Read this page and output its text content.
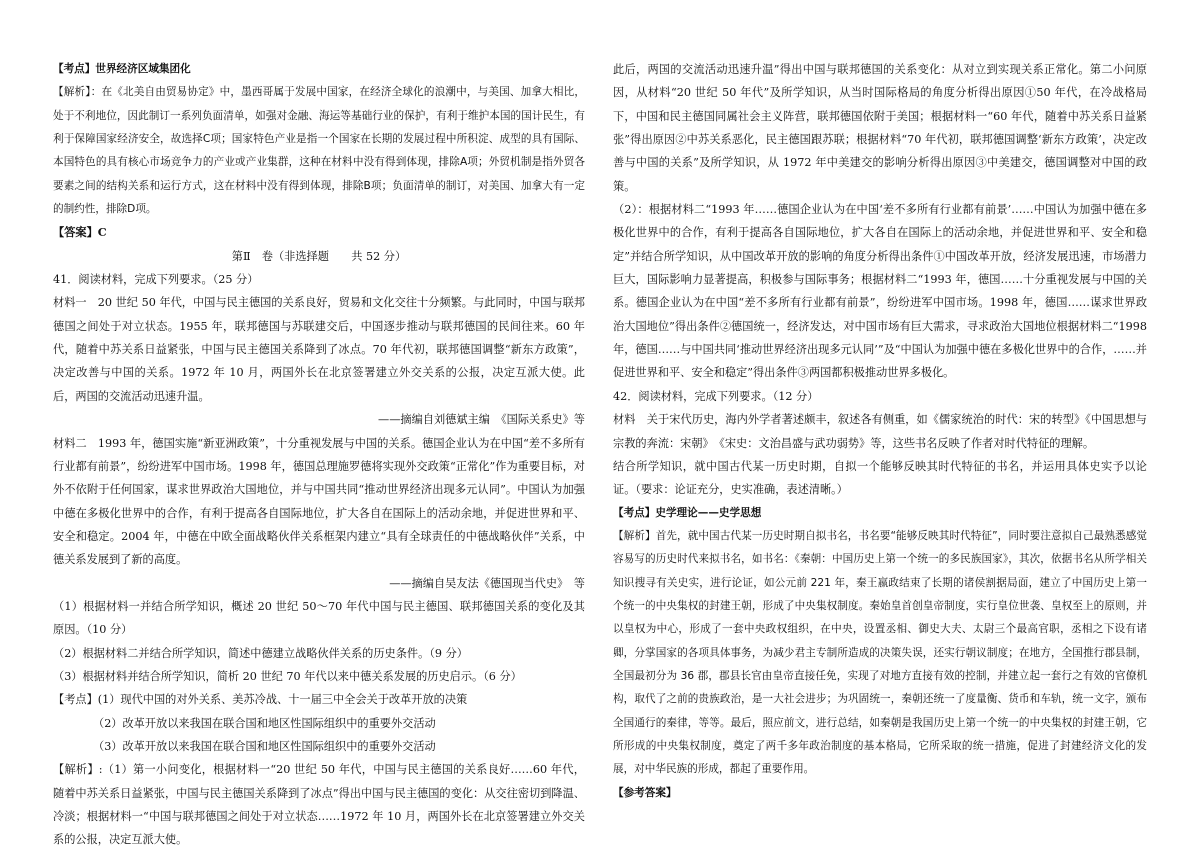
【考点】世界经济区域集团化

【解析】：在《北美自由贸易协定》中，墨西哥属于发展中国家，在经济全球化的浪潮中，与美国、加拿大相比，处于不利地位，因此制订一系列负面清单，如强对金融、海运等基础行业的保护，有利于维护本国的国计民生，有利于保障国家经济安全，故选择C项；国家特色产业是指一个国家在长期的发展过程中所积淀、成型的具有国际、本国特色的具有核心市场竞争力的产业或产业集群，这种在材料中没有得到体现，排除A项；外贸机制是指外贸各要素之间的结构关系和运行方式，这在材料中没有得到体现，排除B项；负面清单的制订，对美国、加拿大有一定的制约性，排除D项。

【答案】C

第Ⅱ　卷（非选择题　　共 52 分）

41．阅读材料，完成下列要求。（25 分）

材料一　20 世纪 50 年代，中国与民主德国的关系良好，贸易和文化交往十分频繁。与此同时，中国与联邦德国之间处于对立状态。1955 年，联邦德国与苏联建交后，中国逐步推动与联邦德国的民间往来。60 年代，随着中苏关系日益紧张，中国与民主德国关系降到了冰点。70 年代初，联邦德国调整“新东方政策”，决定改善与中国的关系。1972 年 10 月，两国外长在北京签署建立外交关系的公报，决定互派大使。此后，两国的交流活动迅速升温。

——摘编自刘德斌主编　《国际关系史》等

材料二　1993 年，德国实施“新亚洲政策”，十分重视发展与中国的关系。德国企业认为在中国“差不多所有行业都有前景”，纷纷进军中国市场。1998 年，德国总理施罗德将实现外交政策“正常化”作为重要目标，对外不依附于任何国家，谋求世界政治大国地位，并与中国共同“推动世界经济出现多元认同”。中国认为加强中德在多极化世界中的合作，有利于提高各自国际地位，扩大各自在国际上的活动余地，并促进世界和平、安全和稳定。2004 年，中德在中欧全面战略伙伴关系框架内建立“具有全球责任的中德战略伙伴”关系，中德关系发展到了新的高度。

——摘编自吴友法《德国现当代史》　等

（1）根据材料一并结合所学知识，概述 20 世纪 50～70 年代中国与民主德国、联邦德国关系的变化及其原因。（10 分）

（2）根据材料二并结合所学知识，简述中德建立战略伙伴关系的历史条件。（9 分）

（3）根据材料并结合所学知识，简析 20 世纪 70 年代以来中德关系发展的历史启示。（6 分）

【考点】(1）现代中国的对外关系、美苏冷战、十一届三中全会关于改革开放的决策

（2）改革开放以来我国在联合国和地区性国际组织中的重要外交活动

（3）改革开放以来我国在联合国和地区性国际组织中的重要外交活动

【解析】:（1）第一小问变化，根据材料一“20 世纪 50 年代，中国与民主德国的关系良好……60 年代，随着中苏关系日益紧张，中国与民主德国关系降到了冰点”得出中国与民主德国的变化：从交往密切到降温、冷淡；根据材料一“中国与联邦德国之间处于对立状态……1972 年 10 月，两国外长在北京签署建立外交关系的公报，决定互派大使。

此后，两国的交流活动迅速升温”得出中国与联邦德国的关系变化：从对立到实现关系正常化。第二小问原因，从材料“20 世纪 50 年代”及所学知识，从当时国际格局的角度分析得出原因①50 年代，在冷战格局下，中国和民主德国同属社会主义阵营，联邦德国依附于美国；根据材料一“60 年代，随着中苏关系日益紧张”得出原因②中苏关系恶化，民主德国跟苏联；根据材料“70 年代初，联邦德国调整‘新东方政策’，决定改善与中国的关系”及所学知识，从 1972 年中美建交的影响分析得出原因③中美建交，德国调整对中国的政策。

（2）：根据材料二“1993 年……德国企业认为在中国‘差不多所有行业都有前景’……中国认为加强中德在多极化世界中的合作，有利于提高各自国际地位，扩大各自在国际上的活动余地，并促进世界和平、安全和稳定”并结合所学知识，从中国改革开放的影响的角度分析得出条件①中国改革开放，经济发展迅速，市场潜力巨大，国际影响力显著提高，积极参与国际事务；根据材料二“1993 年，德国……十分重视发展与中国的关系。德国企业认为在中国“差不多所有行业都有前景”，纷纷进军中国市场。1998 年，德国……谋求世界政治大国地位”得出条件②德国统一，经济发达，对中国市场有巨大需求，寻求政治大国地位根据材料二“1998 年，德国……与中国共同‘推动世界经济出现多元认同’”及“中国认为加强中德在多极化世界中的合作，……并促进世界和平、安全和稳定”得出条件③两国都积极推动世界多极化。

42．阅读材料，完成下列要求。（12 分）

材料　关于宋代历史，海内外学者著述颇丰，叙述各有侧重，如《儒家统治的时代：宋的转型》《中国思想与宗教的奔流：宋朝》　《宋史：文治昌盛与武功弱势》等，这些书名反映了作者对时代特征的理解。

结合所学知识，就中国古代某一历史时期，自拟一个能够反映其时代特征的书名，并运用具体史实予以论证。（要求：论证充分，史实准确，表述清晰。）

【考点】史学理论——史学思想

【解析】首先，就中国古代某一历史时期自拟书名，书名要“能够反映其时代特征”，同时要注意拟自己最熟悉感觉容易写的历史时代来拟书名，如书名：《秦朝：中国历史上第一个统一的多民族国家》，其次，依据书名从所学相关知识搜寻有关史实，进行论证，如公元前 221 年，秦王嬴政结束了长期的诸侯割据局面，建立了中国历史上第一个统一的中央集权的封建王朝，形成了中央集权制度。秦始皇首创皇帝制度，实行皇位世袭、皇权至上的原则，并以皇权为中心，形成了一套中央政权组织，在中央，设置丞相、御史大夫、太尉三个最高官职，丞相之下设有诸卿，分掌国家的各项具体事务，为减少君主专制所造成的决策失误，还实行朝议制度；在地方，全国推行郡县制，全国最初分为 36 郡，郡县长官由皇帝直接任免，实现了对地方直接有效的控制，并建立起一套行之有效的官僚机构，取代了之前的贵族政治，是一大社会进步；为巩固统一，秦朝还统一了度量衡、货币和车轨，统一文字，颁布全国通行的秦律，等等。最后，照应前文，进行总结，如秦朝是我国历史上第一个统一的中央集权的封建王朝，它所形成的中央集权制度，奠定了两千多年政治制度的基本格局，它所采取的统一措施，促进了封建经济文化的发展，对中华民族的形成，都起了重要作用。

【参考答案】
